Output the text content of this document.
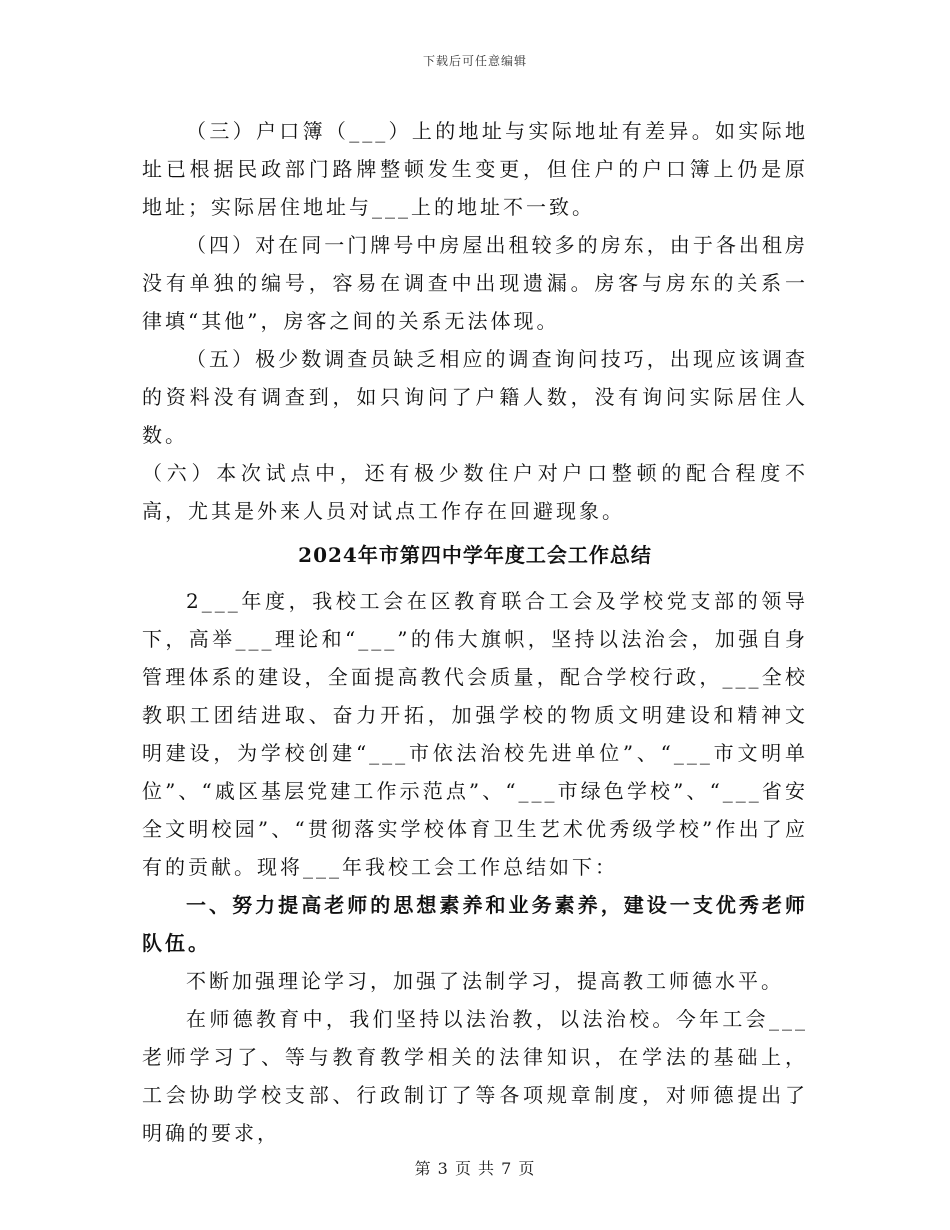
下载后可任意编辑

（三）户口簿（___）上的地址与实际地址有差异。如实际地址已根据民政部门路牌整顿发生变更，但住户的户口簿上仍是原地址；实际居住地址与___上的地址不一致。

（四）对在同一门牌号中房屋出租较多的房东，由于各出租房没有单独的编号，容易在调查中出现遗漏。房客与房东的关系一律填“其他”，房客之间的关系无法体现。

（五）极少数调查员缺乏相应的调查询问技巧，出现应该调查的资料没有调查到，如只询问了户籍人数，没有询问实际居住人数。

（六）本次试点中，还有极少数住户对户口整顿的配合程度不高，尤其是外来人员对试点工作存在回避现象。

2024年市第四中学年度工会工作总结

2___年度，我校工会在区教育联合工会及学校党支部的领导下，高举___理论和“___”的伟大旗帜，坚持以法治会，加强自身管理体系的建设，全面提高教代会质量，配合学校行政，___全校教职工团结进取、奋力开拓，加强学校的物质文明建设和精神文明建设，为学校创建“___市依法治校先进单位”、“___市文明单位”、“戚区基层党建工作示范点”、“___市绿色学校”、“___省安全文明校园”、“贯彻落实学校体育卫生艺术优秀级学校”作出了应有的贡献。现将___年我校工会工作总结如下：

一、努力提高老师的思想素养和业务素养，建设一支优秀老师队伍。

不断加强理论学习，加强了法制学习，提高教工师德水平。

在师德教育中，我们坚持以法治教，以法治校。今年工会___老师学习了、等与教育教学相关的法律知识，在学法的基础上，工会协助学校支部、行政制订了等各项规章制度，对师德提出了明确的要求，

第 3 页 共 7 页
